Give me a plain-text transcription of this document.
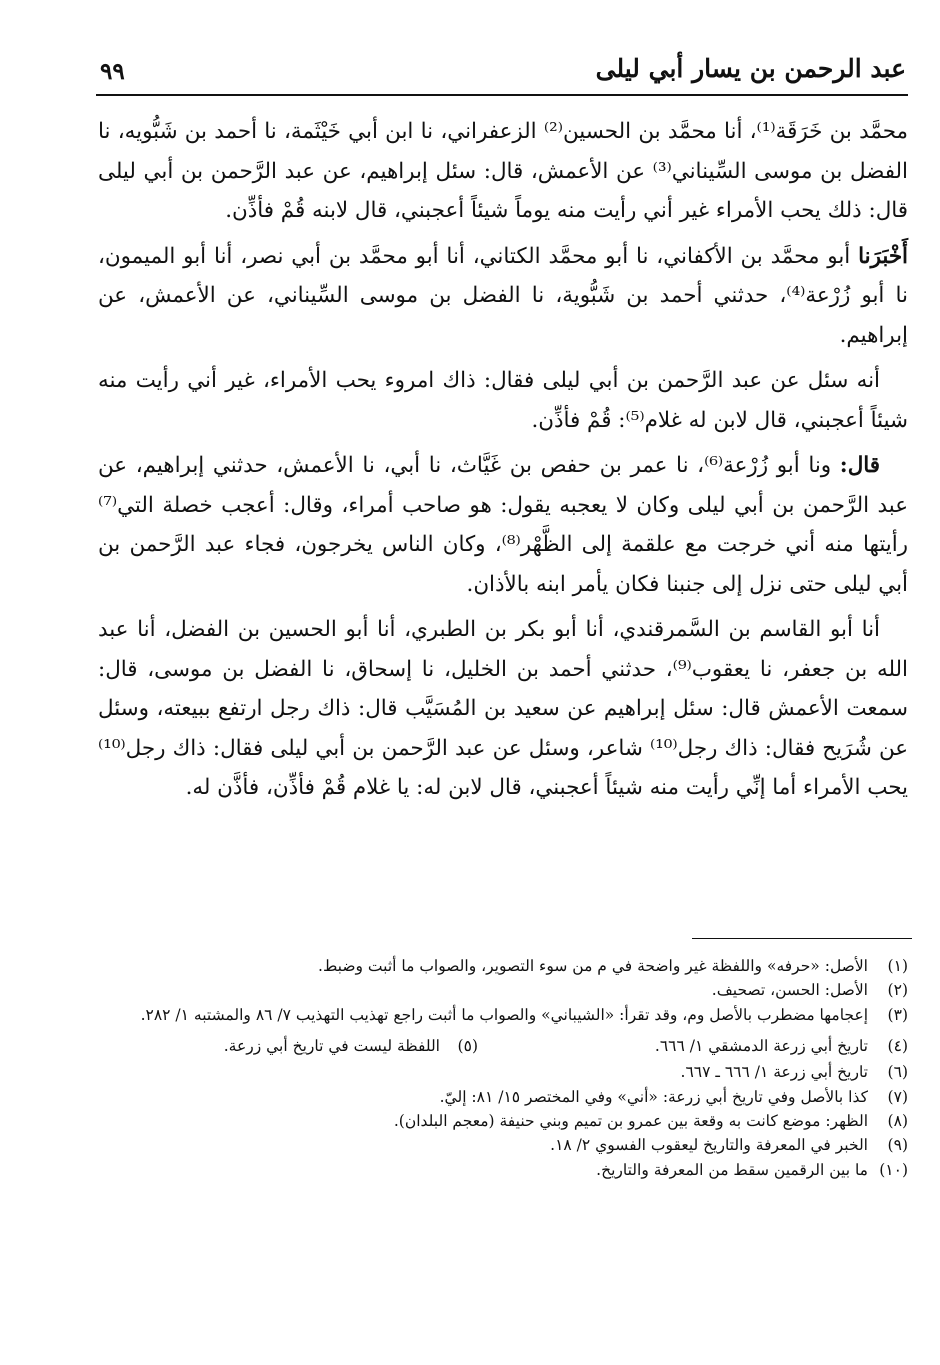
٩٩	عبد الرحمن بن يسار أبي ليلى

محمَّد بن خَرَقَة⁽¹⁾، أنا محمَّد بن الحسين⁽²⁾ الزعفراني، نا ابن أبي خَيْثَمة، نا أحمد بن شَبُّويه، نا الفضل بن موسى السِّيناني⁽³⁾ عن الأعمش، قال: سئل إبراهيم، عن عبد الرَّحمن بن أبي ليلى قال: ذلك يحب الأمراء غير أني رأيت منه يوماً شيئاً أعجبني، قال لابنه قُمْ فأذِّن.

أَخْبَرَنا أبو محمَّد بن الأكفاني، نا أبو محمَّد الكتاني، أنا أبو محمَّد بن أبي نصر، أنا أبو الميمون، نا أبو زُرْعة⁽⁴⁾، حدثني أحمد بن شَبُّوية، نا الفضل بن موسى السِّيناني، عن الأعمش، عن إبراهيم.

أنه سئل عن عبد الرَّحمن بن أبي ليلى فقال: ذاك امروء يحب الأمراء، غير أني رأيت منه شيئاً أعجبني، قال لابن له غلام⁽⁵⁾: قُمْ فأذِّن.

قال: ونا أبو زُرْعة⁽⁶⁾، نا عمر بن حفص بن غَيَّاث، نا أبي، نا الأعمش، حدثني إبراهيم، عن عبد الرَّحمن بن أبي ليلى وكان لا يعجبه يقول: هو صاحب أمراء، وقال: أعجب خصلة التي⁽⁷⁾ رأيتها منه أني خرجت مع علقمة إلى الظَّهْر⁽⁸⁾، وكان الناس يخرجون، فجاء عبد الرَّحمن بن أبي ليلى حتى نزل إلى جنبنا فكان يأمر ابنه بالأذان.

أنا أبو القاسم بن السَّمرقندي، أنا أبو بكر بن الطبري، أنا أبو الحسين بن الفضل، أنا عبد الله بن جعفر، نا يعقوب⁽⁹⁾، حدثني أحمد بن الخليل، نا إسحاق، نا الفضل بن موسى، قال: سمعت الأعمش قال: سئل إبراهيم عن سعيد بن المُسَيَّب قال: ذاك رجل ارتفع ببيعته، وسئل عن شُرَيح فقال: ذاك رجل⁽¹⁰⁾ شاعر، وسئل عن عبد الرَّحمن بن أبي ليلى فقال: ذاك رجل⁽¹⁰⁾ يحب الأمراء أما إنِّي رأيت منه شيئاً أعجبني، قال لابن له: يا غلام قُمْ فأذِّن، فأذَّن له.

(١)
الأصل: «حرفه» واللفظة غير واضحة في م من سوء التصوير، والصواب ما أثبت وضبط.
(٢)
الأصل: الحسن، تصحيف.
(٣)
إعجامها مضطرب بالأصل وم، وقد تقرأ: «الشيباني» والصواب ما أثبت راجع تهذيب التهذيب ٧/ ٨٦ والمشتبه ١/ ٢٨٢.
(٤)
تاريخ أبي زرعة الدمشقي ١/ ٦٦٦.
(٥)
اللفظة ليست في تاريخ أبي زرعة.
(٦)
تاريخ أبي زرعة ١/ ٦٦٦ ـ ٦٦٧.
(٧)
كذا بالأصل وفي تاريخ أبي زرعة: «أني» وفي المختصر ١٥/ ٨١: إليّ.
(٨)
الظهر: موضع كانت به وقعة بين عمرو بن تميم وبني حنيفة (معجم البلدان).
(٩)
الخبر في المعرفة والتاريخ ليعقوب الفسوي ٢/ ١٨.
(١٠)
ما بين الرقمين سقط من المعرفة والتاريخ.
